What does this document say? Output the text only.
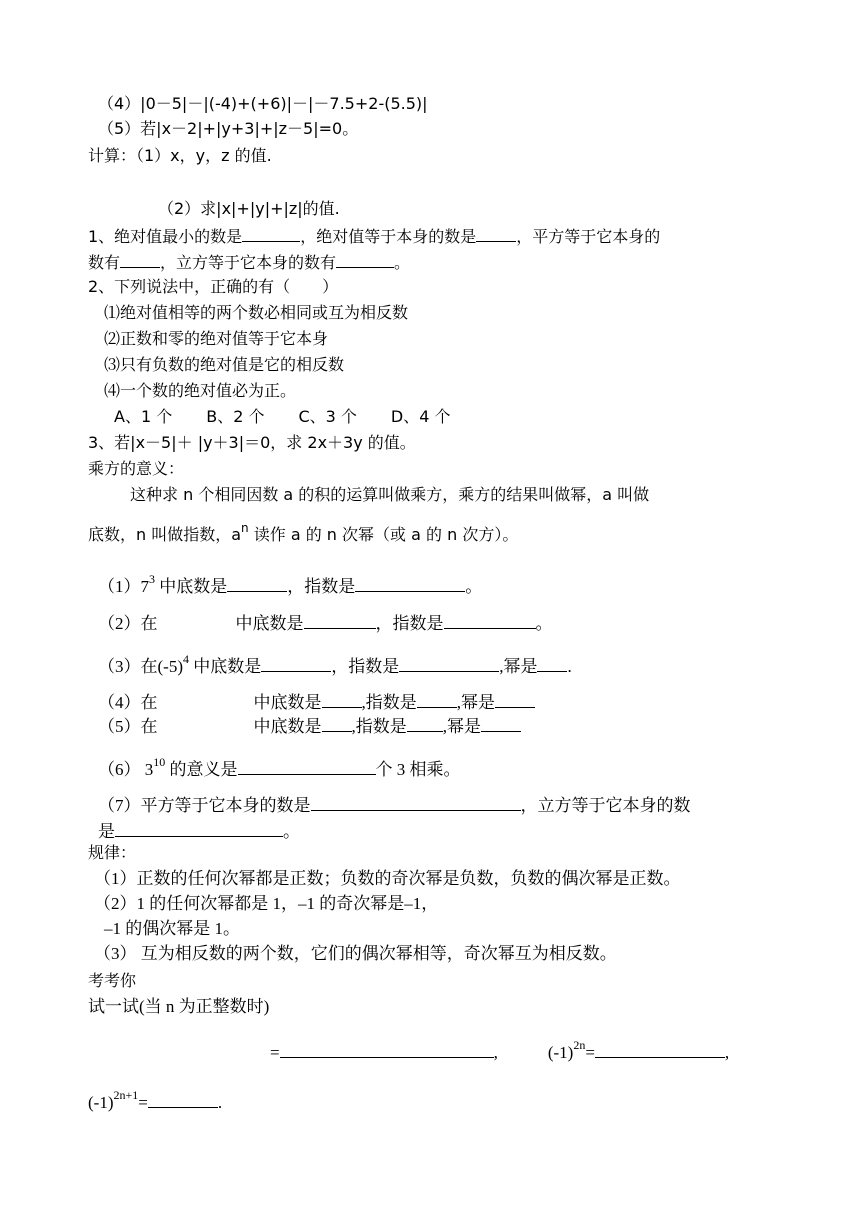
（4）|0－5|－|(-4)+(+6)|－|－7.5+2-(5.5)|
（5）若|x－2|+|y+3|+|z－5|=0。
计算：（1）x，y，z 的值.
（2）求|x|+|y|+|z|的值.
1、绝对值最小的数是	，绝对值等于本身的数是	，平方等于它本身的
数有	，立方等于它本身的数有	。
2、下列说法中，正确的有（　　）
⑴绝对值相等的两个数必相同或互为相反数
⑵正数和零的绝对值等于它本身
⑶只有负数的绝对值是它的相反数
⑷一个数的绝对值必为正。
A、1 个 B、2 个 C、3 个 D、4 个
3、若|x－5|＋ |y＋3|＝0，求 2x＋3y 的值。
乘方的意义：
这种求 n 个相同因数 a 的积的运算叫做乘方，乘方的结果叫做幂，a 叫做
底数，n 叫做指数，$a^n$ 读作 a 的 n 次幂（或 a 的 n 次方）。
$(1)7^3$ 中底数是	，指数是	。
（2）在	中底数是	，指数是	。
（3）在$(-5)^4$ 中底数是	，指数是	,幂是 .
（4）在	中底数是 ,指数是 ,幂是
（5）在	中底数是 ,指数是 ,幂是
（6） $3^{10}$ 的意义是	个 3 相乘。
（7）平方等于它本身的数是	，立方等于它本身的数
是	。
规律：
（1）正数的任何次幂都是正数；负数的奇次幂是负数，负数的偶次幂是正数。
（2）1 的任何次幂都是 1，–1 的奇次幂是–1，
–1 的偶次幂是 1。
（3） 互为相反数的两个数，它们的偶次幂相等，奇次幂互为相反数。
考考你
试一试(当 n 为正整数时)
=	,	$(-1)^{2n}=$	,
$(-1)^{2n+1}=$	.
